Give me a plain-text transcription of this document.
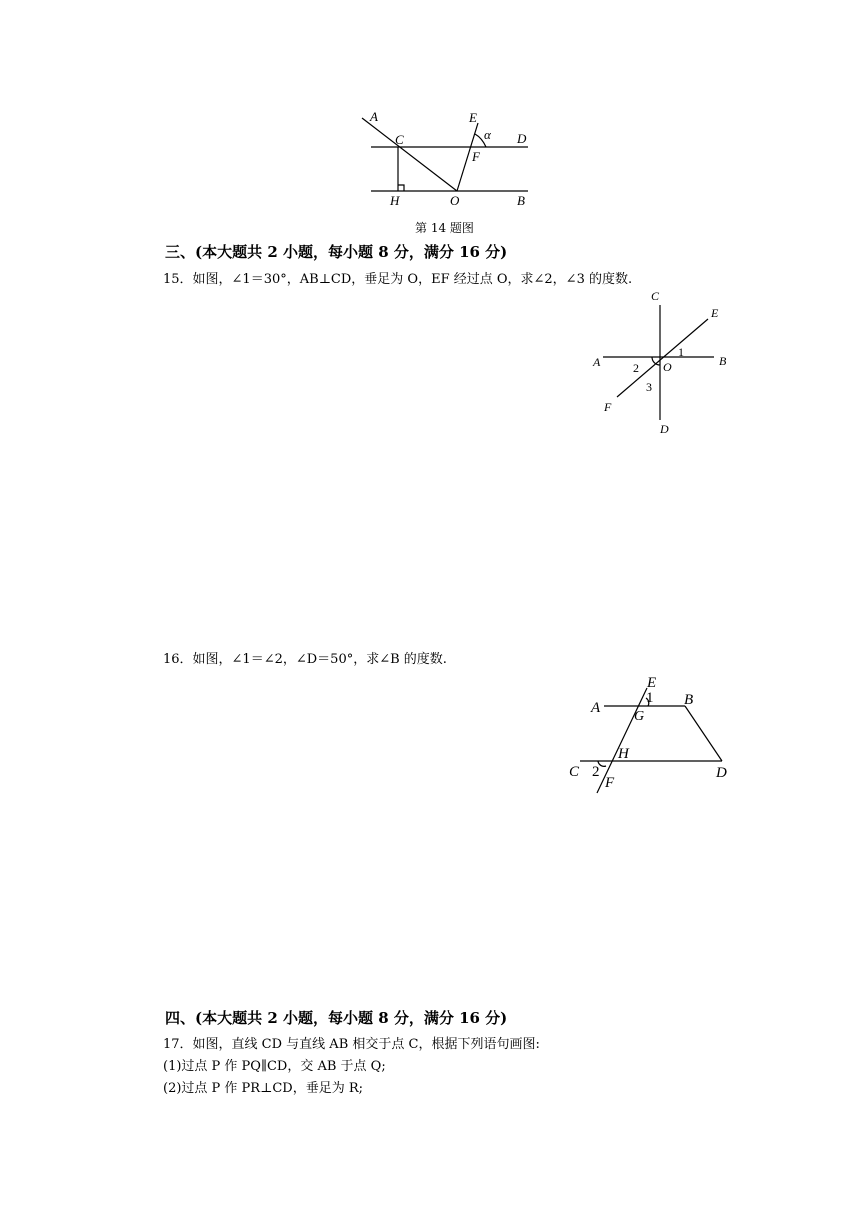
A
C
E
α D
F
H	O	B
第 14 题图
三、(本大题共 2 小题，每小题 8 分，满分 16 分)
15．如图，∠1＝30°，AB⊥CD，垂足为 O，EF 经过点 O，求∠2，∠3 的度数.
C
E
A	O	B
1
2
3
F
D
16．如图，∠1＝∠2，∠D＝50°，求∠B 的度数.
E
A
1 B
G
H
C 2
F
D
四、(本大题共 2 小题，每小题 8 分，满分 16 分)
17．如图，直线 CD 与直线 AB 相交于点 C，根据下列语句画图:
(1)过点 P 作 PQ∥CD，交 AB 于点 Q;
(2)过点 P 作 PR⊥CD，垂足为 R;
